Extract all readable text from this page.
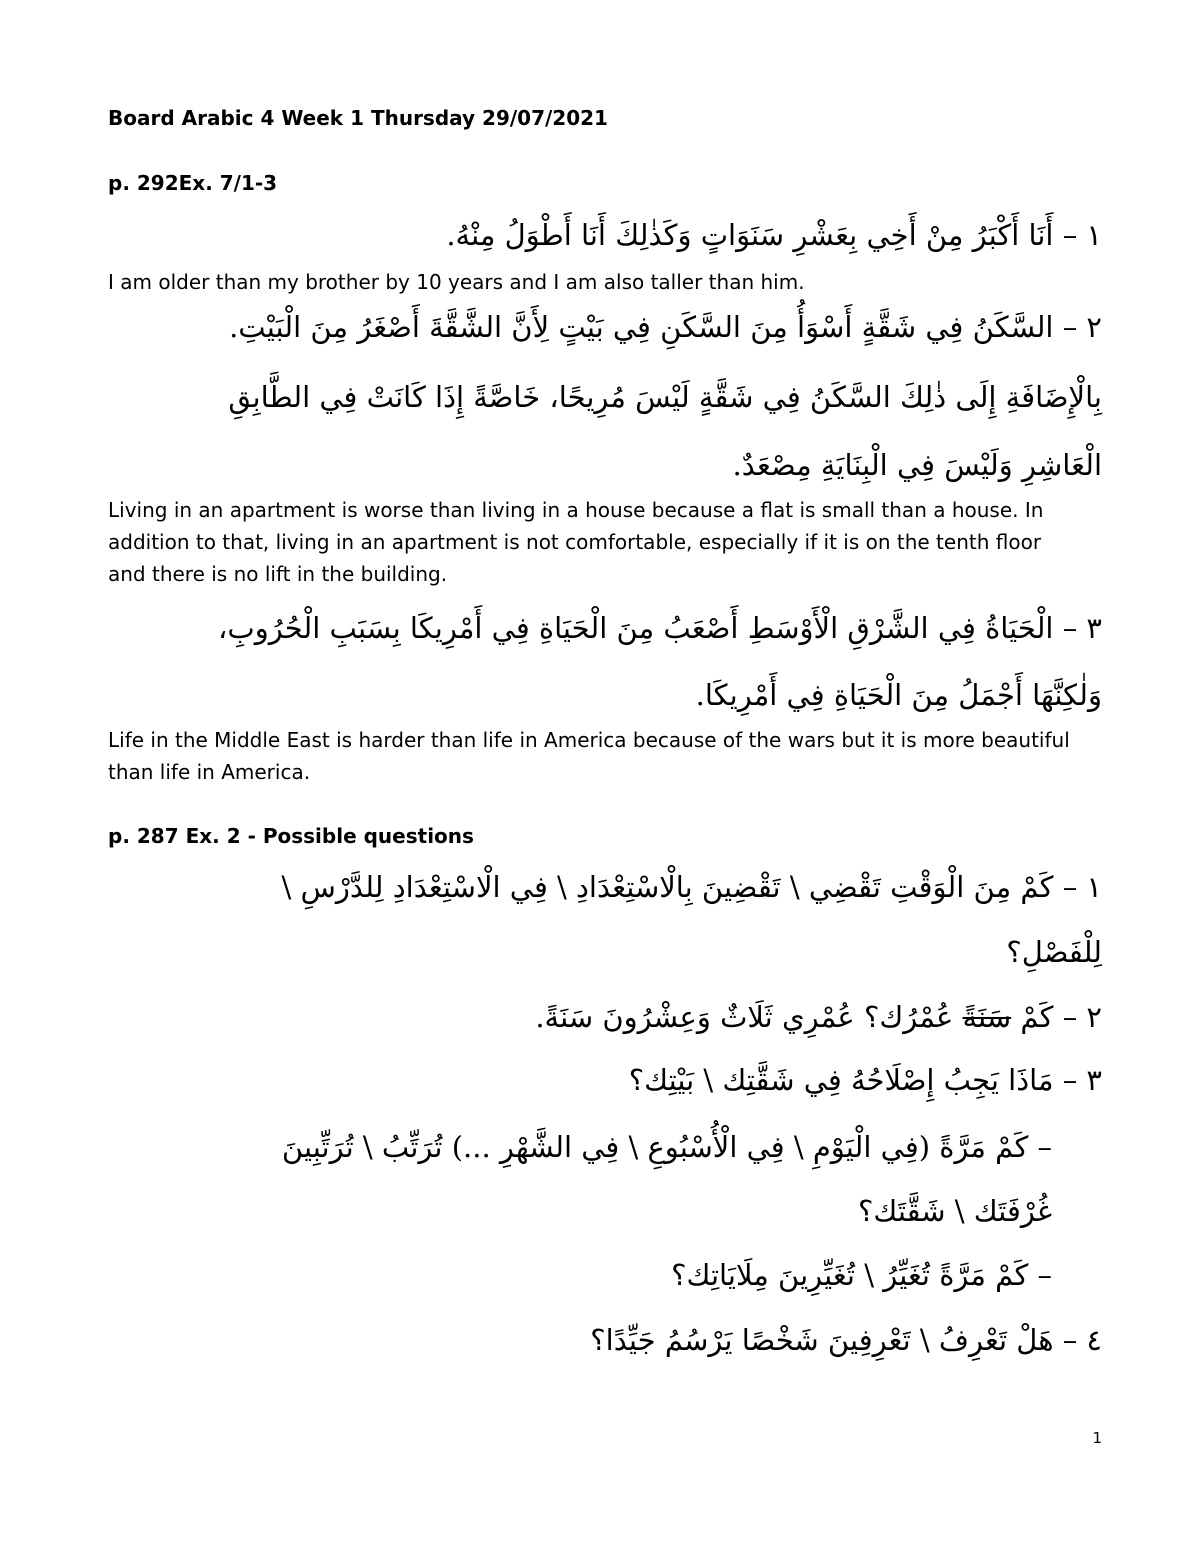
Board Arabic 4 Week 1 Thursday 29/07/2021
p. 292Ex. 7/1-3
١ – أَنَا أَكْبَرُ مِنْ أَخِي بِعَشْرِ سَنَوَاتٍ وَكَذٰلِكَ أَنَا أَطْوَلُ مِنْهُ.
I am older than my brother by 10 years and I am also taller than him.
٢ – السَّكَنُ فِي شَقَّةٍ أَسْوَأُ مِنَ السَّكَنِ فِي بَيْتٍ لِأَنَّ الشَّقَّةَ أَصْغَرُ مِنَ الْبَيْتِ.
بِالْإِضَافَةِ إِلَى ذٰلِكَ السَّكَنُ فِي شَقَّةٍ لَيْسَ مُرِيحًا، خَاصَّةً إِذَا كَانَتْ فِي الطَّابِقِ
الْعَاشِرِ وَلَيْسَ فِي الْبِنَايَةِ مِصْعَدٌ.
Living in an apartment is worse than living in a house because a flat is small than a house. In addition to that, living in an apartment is not comfortable, especially if it is on the tenth floor and there is no lift in the building.
٣ – الْحَيَاةُ فِي الشَّرْقِ الْأَوْسَطِ أَصْعَبُ مِنَ الْحَيَاةِ فِي أَمْرِيكَا بِسَبَبِ الْحُرُوبِ،
وَلٰكِنَّهَا أَجْمَلُ مِنَ الْحَيَاةِ فِي أَمْرِيكَا.
Life in the Middle East is harder than life in America because of the wars but it is more beautiful than life in America.
p. 287 Ex. 2 - Possible questions
١ – كَمْ مِنَ الْوَقْتِ تَقْضِي \ تَقْضِينَ بِالْاسْتِعْدَادِ \ فِي الْاسْتِعْدَادِ لِلدَّرْسِ \
لِلْفَصْلِ؟
٢ – كَمْ سَنَةً عُمْرُك؟ عُمْرِي ثَلَاثٌ وَعِشْرُونَ سَنَةً.
٣ – مَاذَا يَجِبُ إِصْلَاحُهُ فِي شَقَّتِك \ بَيْتِك؟
– كَمْ مَرَّةً (فِي الْيَوْمِ \ فِي الْأُسْبُوعِ \ فِي الشَّهْرِ ...) تُرَتِّبُ \ تُرَتِّبِينَ
غُرْفَتَك \ شَقَّتَك؟
– كَمْ مَرَّةً تُغَيِّرُ \ تُغَيِّرِينَ مِلَايَاتِك؟
٤ – هَلْ تَعْرِفُ \ تَعْرِفِينَ شَخْصًا يَرْسُمُ جَيِّدًا؟
1
